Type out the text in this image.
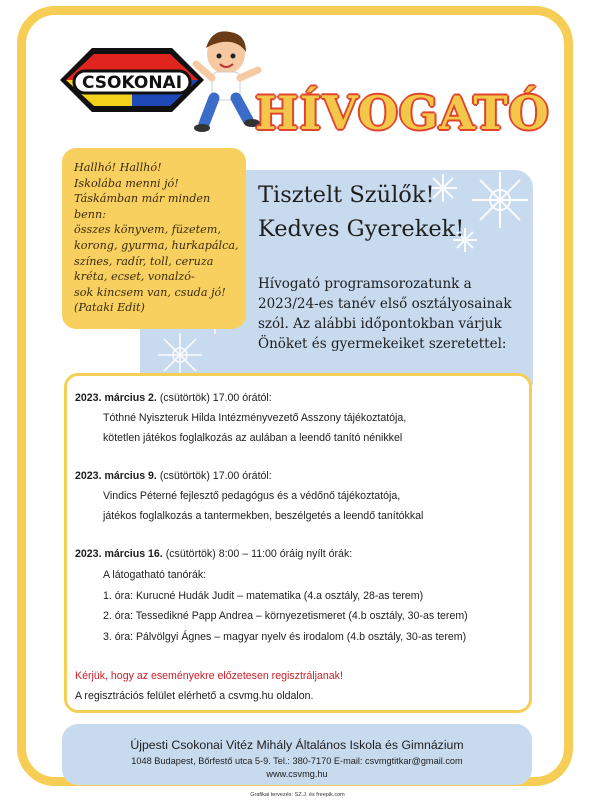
CSOKONAI
HÍVOGATÓ
Hallhó! Hallhó!
Iskolába menni jó!
Táskámban már minden
benn:
összes könyvem, füzetem,
korong, gyurma, hurkapálca,
színes, radír, toll, ceruza
kréta, ecset, vonalzó-
sok kincsem van, csuda jó!
(Pataki Edit)
Tisztelt Szülők!
Kedves Gyerekek!
Hívogató programsorozatunk a
2023/24-es tanév első osztályosainak
szól. Az alábbi időpontokban várjuk
Önöket és gyermekeiket szeretettel:
2023. március 2. (csütörtök) 17.00 órától:
Tóthné Nyiszteruk Hilda Intézményvezető Asszony tájékoztatója,
kötetlen játékos foglalkozás az aulában a leendő tanító nénikkel
2023. március 9. (csütörtök) 17.00 órától:
Vindics Péterné fejlesztő pedagógus és a védőnő tájékoztatója,
játékos foglalkozás a tantermekben, beszélgetés a leendő tanítókkal
2023. március 16. (csütörtök) 8:00 – 11:00 óráig nyílt órák:
A látogatható tanórák:
1. óra: Kurucné Hudák Judit – matematika (4.a osztály, 28-as terem)
2. óra: Tessedikné Papp Andrea – környezetismeret (4.b osztály, 30-as terem)
3. óra: Pálvölgyi Ágnes – magyar nyelv és irodalom (4.b osztály, 30-as terem)
Kérjük, hogy az eseményekre előzetesen regisztráljanak!
A regisztrációs felület elérhető a csvmg.hu oldalon.
Újpesti Csokonai Vitéz Mihály Általános Iskola és Gimnázium
1048 Budapest, Bőrfestő utca 5-9. Tel.: 380-7170 E-mail: csvmgtitkar@gmail.com
www.csvmg.hu
Grafikai tervezés: SZ.J. és freepik.com
